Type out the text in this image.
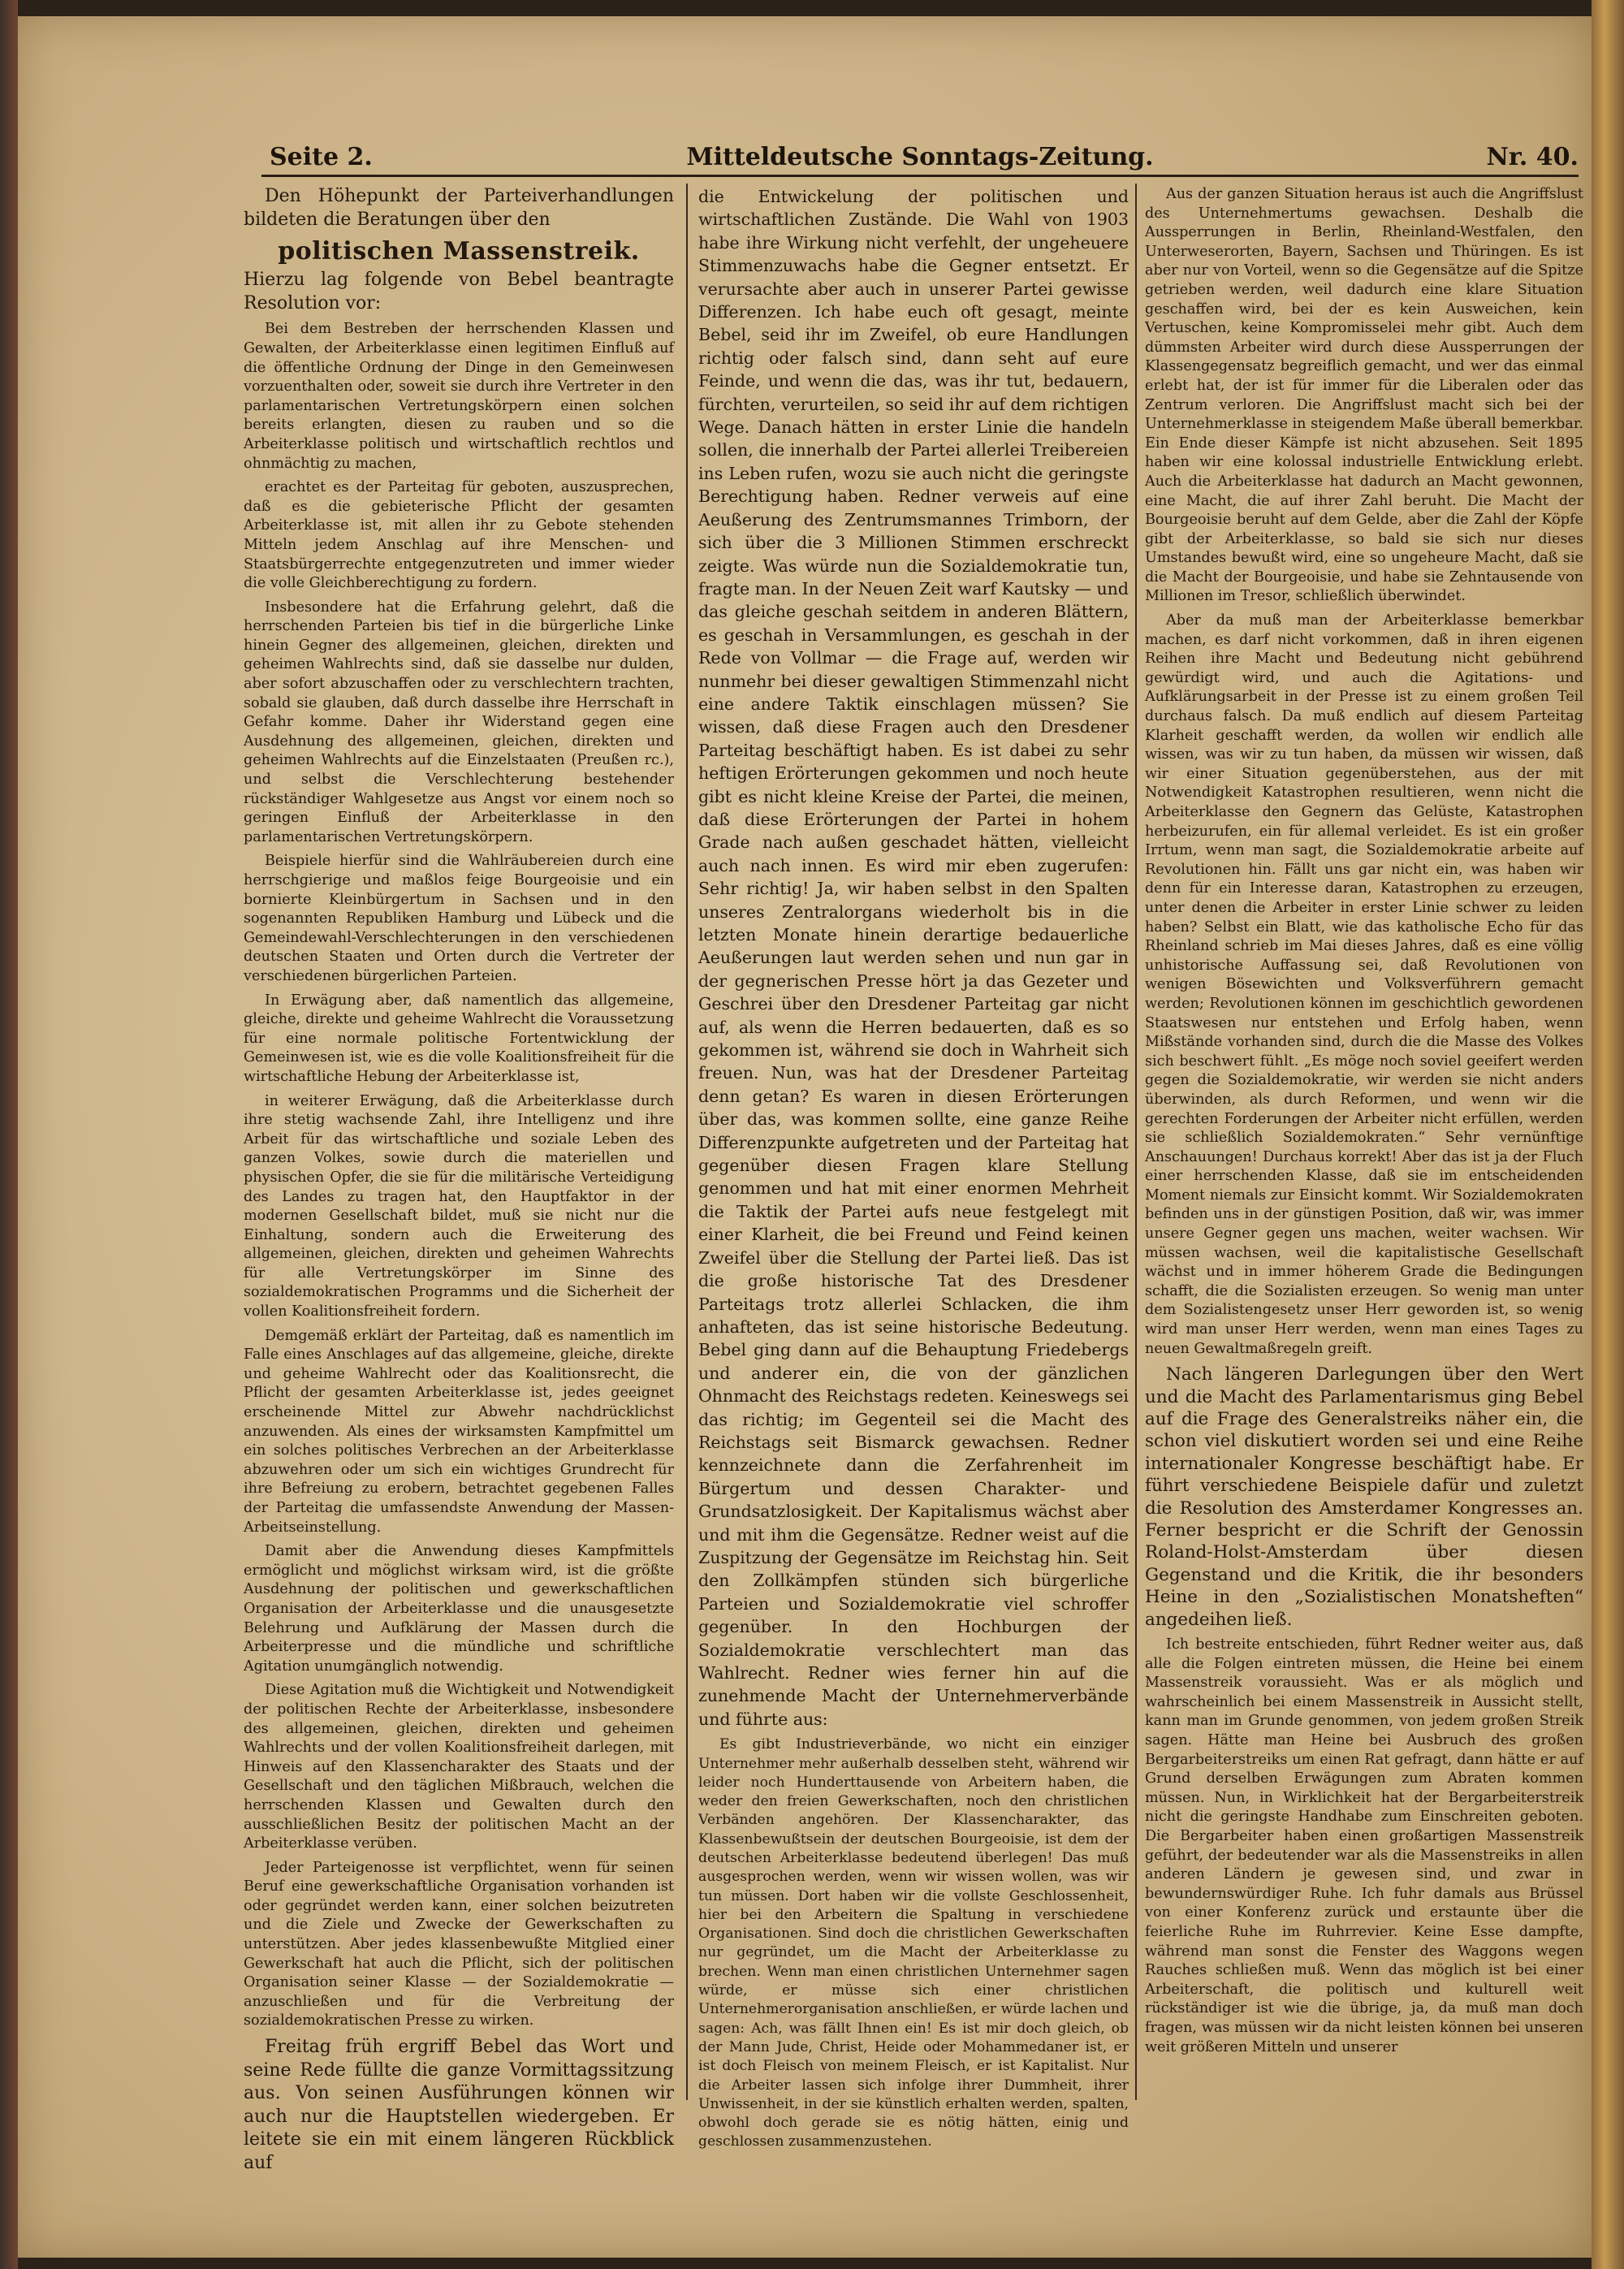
Seite 2.	Mitteldeutsche Sonntags-Zeitung.	Nr. 40.

Den Höhepunkt der Parteiverhandlungen bildeten die Beratungen über den

politischen Massenstreik.

Hierzu lag folgende von Bebel beantragte Resolution vor:

Bei dem Bestreben der herrschenden Klassen und Gewalten, der Arbeiterklasse einen legitimen Einfluß auf die öffentliche Ordnung der Dinge in den Gemeinwesen vorzuenthalten oder, soweit sie durch ihre Vertreter in den parlamentarischen Vertretungskörpern einen solchen bereits erlangten, diesen zu rauben und so die Arbeiterklasse politisch und wirtschaftlich rechtlos und ohnmächtig zu machen,

erachtet es der Parteitag für geboten, auszusprechen, daß es die gebieterische Pflicht der gesamten Arbeiterklasse ist, mit allen ihr zu Gebote stehenden Mitteln jedem Anschlag auf ihre Menschen- und Staatsbürgerrechte entgegenzutreten und immer wieder die volle Gleichberechtigung zu fordern.

Insbesondere hat die Erfahrung gelehrt, daß die herrschenden Parteien bis tief in die bürgerliche Linke hinein Gegner des allgemeinen, gleichen, direkten und geheimen Wahlrechts sind, daß sie dasselbe nur dulden, aber sofort abzuschaffen oder zu verschlechtern trachten, sobald sie glauben, daß durch dasselbe ihre Herrschaft in Gefahr komme. Daher ihr Widerstand gegen eine Ausdehnung des allgemeinen, gleichen, direkten und geheimen Wahlrechts auf die Einzelstaaten (Preußen rc.), und selbst die Verschlechterung bestehender rückständiger Wahlgesetze aus Angst vor einem noch so geringen Einfluß der Arbeiterklasse in den parlamentarischen Vertretungskörpern.

Beispiele hierfür sind die Wahlräubereien durch eine herrschgierige und maßlos feige Bourgeoisie und ein bornierte Kleinbürgertum in Sachsen und in den sogenannten Republiken Hamburg und Lübeck und die Gemeindewahl-Verschlechterungen in den verschiedenen deutschen Staaten und Orten durch die Vertreter der verschiedenen bürgerlichen Parteien.

In Erwägung aber, daß namentlich das allgemeine, gleiche, direkte und geheime Wahlrecht die Voraussetzung für eine normale politische Fortentwicklung der Gemeinwesen ist, wie es die volle Koalitionsfreiheit für die wirtschaftliche Hebung der Arbeiterklasse ist,

in weiterer Erwägung, daß die Arbeiterklasse durch ihre stetig wachsende Zahl, ihre Intelligenz und ihre Arbeit für das wirtschaftliche und soziale Leben des ganzen Volkes, sowie durch die materiellen und physischen Opfer, die sie für die militärische Verteidigung des Landes zu tragen hat, den Hauptfaktor in der modernen Gesellschaft bildet, muß sie nicht nur die Einhaltung, sondern auch die Erweiterung des allgemeinen, gleichen, direkten und geheimen Wahrechts für alle Vertretungskörper im Sinne des sozialdemokratischen Programms und die Sicherheit der vollen Koalitionsfreiheit fordern.

Demgemäß erklärt der Parteitag, daß es namentlich im Falle eines Anschlages auf das allgemeine, gleiche, direkte und geheime Wahlrecht oder das Koalitionsrecht, die Pflicht der gesamten Arbeiterklasse ist, jedes geeignet erscheinende Mittel zur Abwehr nachdrücklichst anzuwenden. Als eines der wirksamsten Kampfmittel um ein solches politisches Verbrechen an der Arbeiterklasse abzuwehren oder um sich ein wichtiges Grundrecht für ihre Befreiung zu erobern, betrachtet gegebenen Falles der Parteitag die umfassendste Anwendung der Massen-Arbeitseinstellung.

Damit aber die Anwendung dieses Kampfmittels ermöglicht und möglichst wirksam wird, ist die größte Ausdehnung der politischen und gewerkschaftlichen Organisation der Arbeiterklasse und die unausgesetzte Belehrung und Aufklärung der Massen durch die Arbeiterpresse und die mündliche und schriftliche Agitation unumgänglich notwendig.

Diese Agitation muß die Wichtigkeit und Notwendigkeit der politischen Rechte der Arbeiterklasse, insbesondere des allgemeinen, gleichen, direkten und geheimen Wahlrechts und der vollen Koalitionsfreiheit darlegen, mit Hinweis auf den Klassencharakter des Staats und der Gesellschaft und den täglichen Mißbrauch, welchen die herrschenden Klassen und Gewalten durch den ausschließlichen Besitz der politischen Macht an der Arbeiterklasse verüben.

Jeder Parteigenosse ist verpflichtet, wenn für seinen Beruf eine gewerkschaftliche Organisation vorhanden ist oder gegründet werden kann, einer solchen beizutreten und die Ziele und Zwecke der Gewerkschaften zu unterstützen. Aber jedes klassenbewußte Mitglied einer Gewerkschaft hat auch die Pflicht, sich der politischen Organisation seiner Klasse — der Sozialdemokratie — anzuschließen und für die Verbreitung der sozialdemokratischen Presse zu wirken.

Freitag früh ergriff Bebel das Wort und seine Rede füllte die ganze Vormittagssitzung aus. Von seinen Ausführungen können wir auch nur die Hauptstellen wiedergeben. Er leitete sie ein mit einem längeren Rückblick auf

die Entwickelung der politischen und wirtschaftlichen Zustände. Die Wahl von 1903 habe ihre Wirkung nicht verfehlt, der ungeheuere Stimmenzuwachs habe die Gegner entsetzt. Er verursachte aber auch in unserer Partei gewisse Differenzen. Ich habe euch oft gesagt, meinte Bebel, seid ihr im Zweifel, ob eure Handlungen richtig oder falsch sind, dann seht auf eure Feinde, und wenn die das, was ihr tut, bedauern, fürchten, verurteilen, so seid ihr auf dem richtigen Wege. Danach hätten in erster Linie die handeln sollen, die innerhalb der Partei allerlei Treibereien ins Leben rufen, wozu sie auch nicht die geringste Berechtigung haben. Redner verweis auf eine Aeußerung des Zentrumsmannes Trimborn, der sich über die 3 Millionen Stimmen erschreckt zeigte. Was würde nun die Sozialdemokratie tun, fragte man. In der Neuen Zeit warf Kautsky — und das gleiche geschah seitdem in anderen Blättern, es geschah in Versammlungen, es geschah in der Rede von Vollmar — die Frage auf, werden wir nunmehr bei dieser gewaltigen Stimmenzahl nicht eine andere Taktik einschlagen müssen? Sie wissen, daß diese Fragen auch den Dresdener Parteitag beschäftigt haben. Es ist dabei zu sehr heftigen Erörterungen gekommen und noch heute gibt es nicht kleine Kreise der Partei, die meinen, daß diese Erörterungen der Partei in hohem Grade nach außen geschadet hätten, vielleicht auch nach innen. Es wird mir eben zugerufen: Sehr richtig! Ja, wir haben selbst in den Spalten unseres Zentralorgans wiederholt bis in die letzten Monate hinein derartige bedauerliche Aeußerungen laut werden sehen und nun gar in der gegnerischen Presse hört ja das Gezeter und Geschrei über den Dresdener Parteitag gar nicht auf, als wenn die Herren bedauerten, daß es so gekommen ist, während sie doch in Wahrheit sich freuen. Nun, was hat der Dresdener Parteitag denn getan? Es waren in diesen Erörterungen über das, was kommen sollte, eine ganze Reihe Differenzpunkte aufgetreten und der Parteitag hat gegenüber diesen Fragen klare Stellung genommen und hat mit einer enormen Mehrheit die Taktik der Partei aufs neue festgelegt mit einer Klarheit, die bei Freund und Feind keinen Zweifel über die Stellung der Partei ließ. Das ist die große historische Tat des Dresdener Parteitags trotz allerlei Schlacken, die ihm anhafteten, das ist seine historische Bedeutung. Bebel ging dann auf die Behauptung Friedebergs und anderer ein, die von der gänzlichen Ohnmacht des Reichstags redeten. Keineswegs sei das richtig; im Gegenteil sei die Macht des Reichstags seit Bismarck gewachsen. Redner kennzeichnete dann die Zerfahrenheit im Bürgertum und dessen Charakter- und Grundsatzlosigkeit. Der Kapitalismus wächst aber und mit ihm die Gegensätze. Redner weist auf die Zuspitzung der Gegensätze im Reichstag hin. Seit den Zollkämpfen stünden sich bürgerliche Parteien und Sozialdemokratie viel schroffer gegenüber. In den Hochburgen der Sozialdemokratie verschlechtert man das Wahlrecht. Redner wies ferner hin auf die zunehmende Macht der Unternehmerverbände und führte aus:

Es gibt Industrieverbände, wo nicht ein einziger Unternehmer mehr außerhalb desselben steht, während wir leider noch Hunderttausende von Arbeitern haben, die weder den freien Gewerkschaften, noch den christlichen Verbänden angehören. Der Klassencharakter, das Klassenbewußtsein der deutschen Bourgeoisie, ist dem der deutschen Arbeiterklasse bedeutend überlegen! Das muß ausgesprochen werden, wenn wir wissen wollen, was wir tun müssen. Dort haben wir die vollste Geschlossenheit, hier bei den Arbeitern die Spaltung in verschiedene Organisationen. Sind doch die christlichen Gewerkschaften nur gegründet, um die Macht der Arbeiterklasse zu brechen. Wenn man einen christlichen Unternehmer sagen würde, er müsse sich einer christlichen Unternehmerorganisation anschließen, er würde lachen und sagen: Ach, was fällt Ihnen ein! Es ist mir doch gleich, ob der Mann Jude, Christ, Heide oder Mohammedaner ist, er ist doch Fleisch von meinem Fleisch, er ist Kapitalist. Nur die Arbeiter lassen sich infolge ihrer Dummheit, ihrer Unwissenheit, in der sie künstlich erhalten werden, spalten, obwohl doch gerade sie es nötig hätten, einig und geschlossen zusammenzustehen.

Aus der ganzen Situation heraus ist auch die Angriffslust des Unternehmertums gewachsen. Deshalb die Aussperrungen in Berlin, Rheinland-Westfalen, den Unterweserorten, Bayern, Sachsen und Thüringen. Es ist aber nur von Vorteil, wenn so die Gegensätze auf die Spitze getrieben werden, weil dadurch eine klare Situation geschaffen wird, bei der es kein Ausweichen, kein Vertuschen, keine Kompromisselei mehr gibt. Auch dem dümmsten Arbeiter wird durch diese Aussperrungen der Klassengegensatz begreiflich gemacht, und wer das einmal erlebt hat, der ist für immer für die Liberalen oder das Zentrum verloren. Die Angriffslust macht sich bei der Unternehmerklasse in steigendem Maße überall bemerkbar. Ein Ende dieser Kämpfe ist nicht abzusehen. Seit 1895 haben wir eine kolossal industrielle Entwicklung erlebt. Auch die Arbeiterklasse hat dadurch an Macht gewonnen, eine Macht, die auf ihrer Zahl beruht. Die Macht der Bourgeoisie beruht auf dem Gelde, aber die Zahl der Köpfe gibt der Arbeiterklasse, so bald sie sich nur dieses Umstandes bewußt wird, eine so ungeheure Macht, daß sie die Macht der Bourgeoisie, und habe sie Zehntausende von Millionen im Tresor, schließlich überwindet.

Aber da muß man der Arbeiterklasse bemerkbar machen, es darf nicht vorkommen, daß in ihren eigenen Reihen ihre Macht und Bedeutung nicht gebührend gewürdigt wird, und auch die Agitations- und Aufklärungsarbeit in der Presse ist zu einem großen Teil durchaus falsch. Da muß endlich auf diesem Parteitag Klarheit geschafft werden, da wollen wir endlich alle wissen, was wir zu tun haben, da müssen wir wissen, daß wir einer Situation gegenüberstehen, aus der mit Notwendigkeit Katastrophen resultieren, wenn nicht die Arbeiterklasse den Gegnern das Gelüste, Katastrophen herbeizurufen, ein für allemal verleidet. Es ist ein großer Irrtum, wenn man sagt, die Sozialdemokratie arbeite auf Revolutionen hin. Fällt uns gar nicht ein, was haben wir denn für ein Interesse daran, Katastrophen zu erzeugen, unter denen die Arbeiter in erster Linie schwer zu leiden haben? Selbst ein Blatt, wie das katholische Echo für das Rheinland schrieb im Mai dieses Jahres, daß es eine völlig unhistorische Auffassung sei, daß Revolutionen von wenigen Bösewichten und Volksverführern gemacht werden; Revolutionen können im geschichtlich gewordenen Staatswesen nur entstehen und Erfolg haben, wenn Mißstände vorhanden sind, durch die die Masse des Volkes sich beschwert fühlt. „Es möge noch soviel geeifert werden gegen die Sozialdemokratie, wir werden sie nicht anders überwinden, als durch Reformen, und wenn wir die gerechten Forderungen der Arbeiter nicht erfüllen, werden sie schließlich Sozialdemokraten.“ Sehr vernünftige Anschauungen! Durchaus korrekt! Aber das ist ja der Fluch einer herrschenden Klasse, daß sie im entscheidenden Moment niemals zur Einsicht kommt. Wir Sozialdemokraten befinden uns in der günstigen Position, daß wir, was immer unsere Gegner gegen uns machen, weiter wachsen. Wir müssen wachsen, weil die kapitalistische Gesellschaft wächst und in immer höherem Grade die Bedingungen schafft, die die Sozialisten erzeugen. So wenig man unter dem Sozialistengesetz unser Herr geworden ist, so wenig wird man unser Herr werden, wenn man eines Tages zu neuen Gewaltmaßregeln greift.

Nach längeren Darlegungen über den Wert und die Macht des Parlamentarismus ging Bebel auf die Frage des Generalstreiks näher ein, die schon viel diskutiert worden sei und eine Reihe internationaler Kongresse beschäftigt habe. Er führt verschiedene Beispiele dafür und zuletzt die Resolution des Amsterdamer Kongresses an. Ferner bespricht er die Schrift der Genossin Roland-Holst-Amsterdam über diesen Gegenstand und die Kritik, die ihr besonders Heine in den „Sozialistischen Monatsheften“ angedeihen ließ.

Ich bestreite entschieden, führt Redner weiter aus, daß alle die Folgen eintreten müssen, die Heine bei einem Massenstreik voraussieht. Was er als möglich und wahrscheinlich bei einem Massenstreik in Aussicht stellt, kann man im Grunde genommen, von jedem großen Streik sagen. Hätte man Heine bei Ausbruch des großen Bergarbeiterstreiks um einen Rat gefragt, dann hätte er auf Grund derselben Erwägungen zum Abraten kommen müssen. Nun, in Wirklichkeit hat der Bergarbeiterstreik nicht die geringste Handhabe zum Einschreiten geboten. Die Bergarbeiter haben einen großartigen Massenstreik geführt, der bedeutender war als die Massenstreiks in allen anderen Ländern je gewesen sind, und zwar in bewundernswürdiger Ruhe. Ich fuhr damals aus Brüssel von einer Konferenz zurück und erstaunte über die feierliche Ruhe im Ruhrrevier. Keine Esse dampfte, während man sonst die Fenster des Waggons wegen Rauches schließen muß. Wenn das möglich ist bei einer Arbeiterschaft, die politisch und kulturell weit rückständiger ist wie die übrige, ja, da muß man doch fragen, was müssen wir da nicht leisten können bei unseren weit größeren Mitteln und unserer
